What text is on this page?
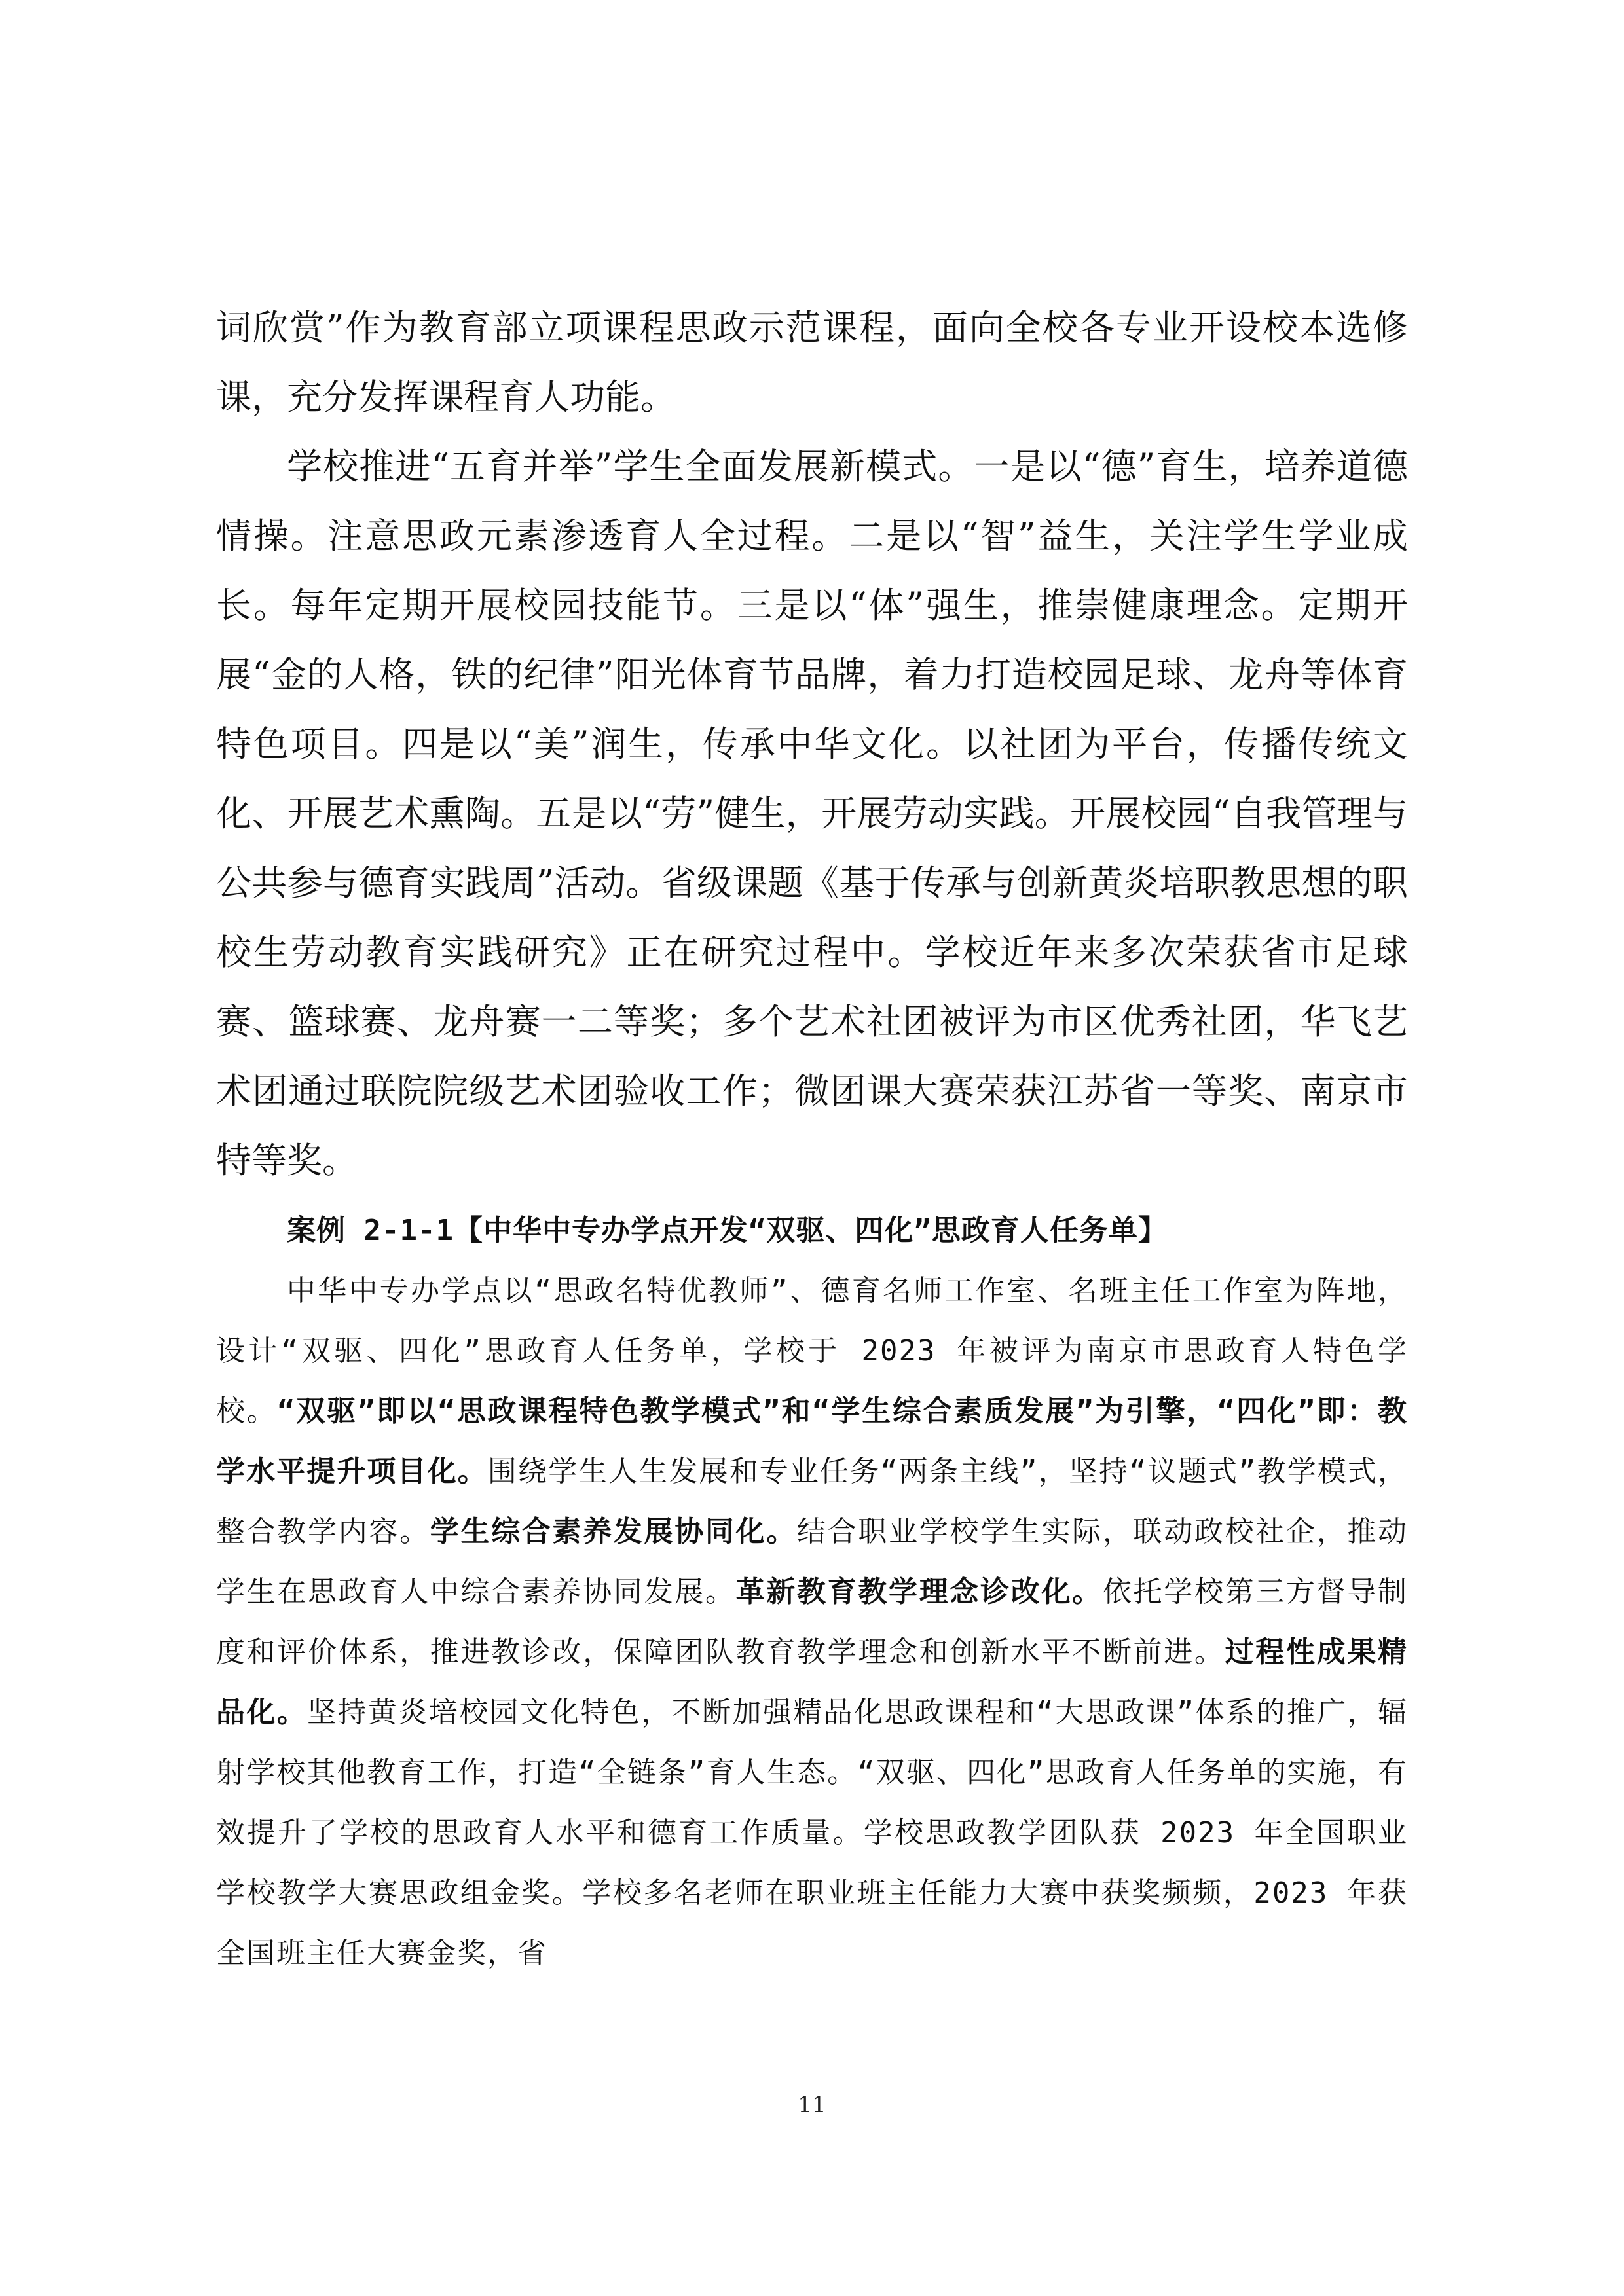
词欣赏”作为教育部立项课程思政示范课程，面向全校各专业开设校本选修课，充分发挥课程育人功能。

学校推进“五育并举”学生全面发展新模式。一是以“德”育生，培养道德情操。注意思政元素渗透育人全过程。二是以“智”益生，关注学生学业成长。每年定期开展校园技能节。三是以“体”强生，推崇健康理念。定期开展“金的人格，铁的纪律”阳光体育节品牌，着力打造校园足球、龙舟等体育特色项目。四是以“美”润生，传承中华文化。以社团为平台，传播传统文化、开展艺术熏陶。五是以“劳”健生，开展劳动实践。开展校园“自我管理与公共参与德育实践周”活动。省级课题《基于传承与创新黄炎培职教思想的职校生劳动教育实践研究》正在研究过程中。学校近年来多次荣获省市足球赛、篮球赛、龙舟赛一二等奖；多个艺术社团被评为市区优秀社团，华飞艺术团通过联院院级艺术团验收工作；微团课大赛荣获江苏省一等奖、南京市特等奖。

案例 2-1-1【中华中专办学点开发“双驱、四化”思政育人任务单】

中华中专办学点以“思政名特优教师”、德育名师工作室、名班主任工作室为阵地，设计“双驱、四化”思政育人任务单，学校于 2023 年被评为南京市思政育人特色学校。“双驱”即以“思政课程特色教学模式”和“学生综合素质发展”为引擎，“四化”即：教学水平提升项目化。围绕学生人生发展和专业任务“两条主线”，坚持“议题式”教学模式，整合教学内容。学生综合素养发展协同化。结合职业学校学生实际，联动政校社企，推动学生在思政育人中综合素养协同发展。革新教育教学理念诊改化。依托学校第三方督导制度和评价体系，推进教诊改，保障团队教育教学理念和创新水平不断前进。过程性成果精品化。坚持黄炎培校园文化特色，不断加强精品化思政课程和“大思政课”体系的推广，辐射学校其他教育工作，打造“全链条”育人生态。“双驱、四化”思政育人任务单的实施，有效提升了学校的思政育人水平和德育工作质量。学校思政教学团队获 2023 年全国职业学校教学大赛思政组金奖。学校多名老师在职业班主任能力大赛中获奖频频，2023 年获全国班主任大赛金奖，省

11
